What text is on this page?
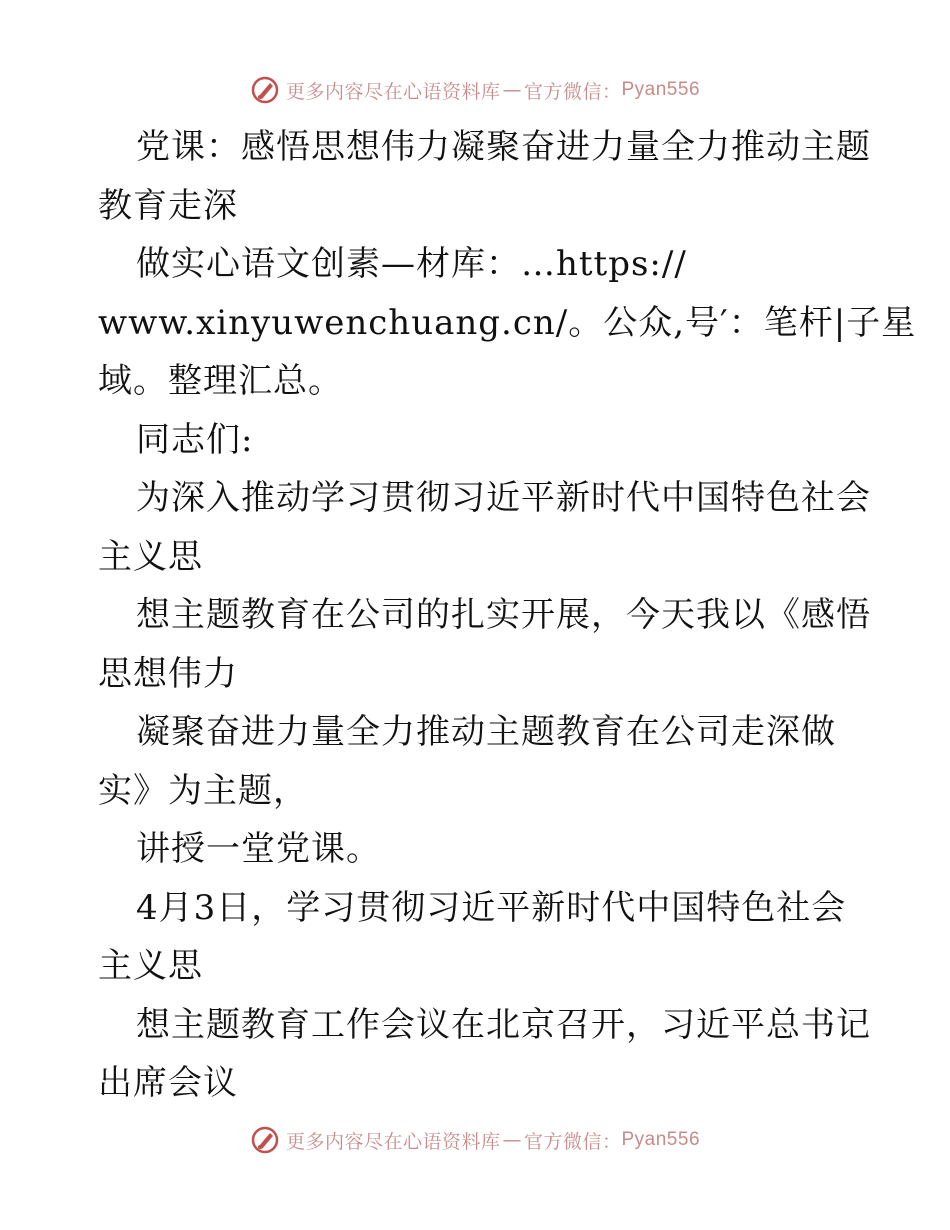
更多内容尽在心语资料库 — 官方微信： Pyan556
党课：感悟思想伟力凝聚奋进力量全力推动主题
教育走深
做实心语文创素—材库：…https://
www.xinyuwenchuang.cn/。公众,号′：笔杆|子星
域。整理汇总。
同志们:
为深入推动学习贯彻习近平新时代中国特色社会
主义思
想主题教育在公司的扎实开展，今天我以《感悟
思想伟力
凝聚奋进力量全力推动主题教育在公司走深做
实》为主题，
讲授一堂党课。
4月3日，学习贯彻习近平新时代中国特色社会
主义思
想主题教育工作会议在北京召开，习近平总书记
出席会议
更多内容尽在心语资料库 — 官方微信： Pyan556
